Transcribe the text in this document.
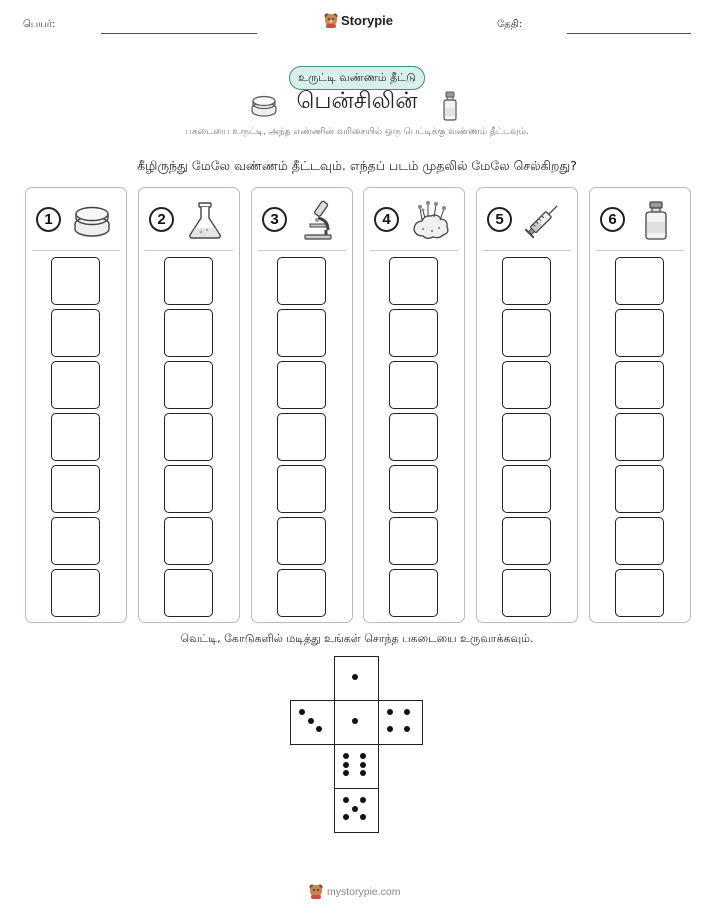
பெயர்:	Storypie	தேதி:
உருட்டி வண்ணம் தீட்டு
பென்சிலின்
பகடையை உருட்டி, அந்த எண்ணின் வரிசையில் ஒரு பெட்டிக்கு வண்ணம் தீட்டவும்.
கீழிருந்து மேலே வண்ணம் தீட்டவும். எந்தப் படம் முதலில் மேலே செல்கிறது?
1	2	3	4	5	6
வெட்டி, கோடுகளில் மடித்து உங்கள் சொந்த பகடையை உருவாக்கவும்.
mystorypie.com
